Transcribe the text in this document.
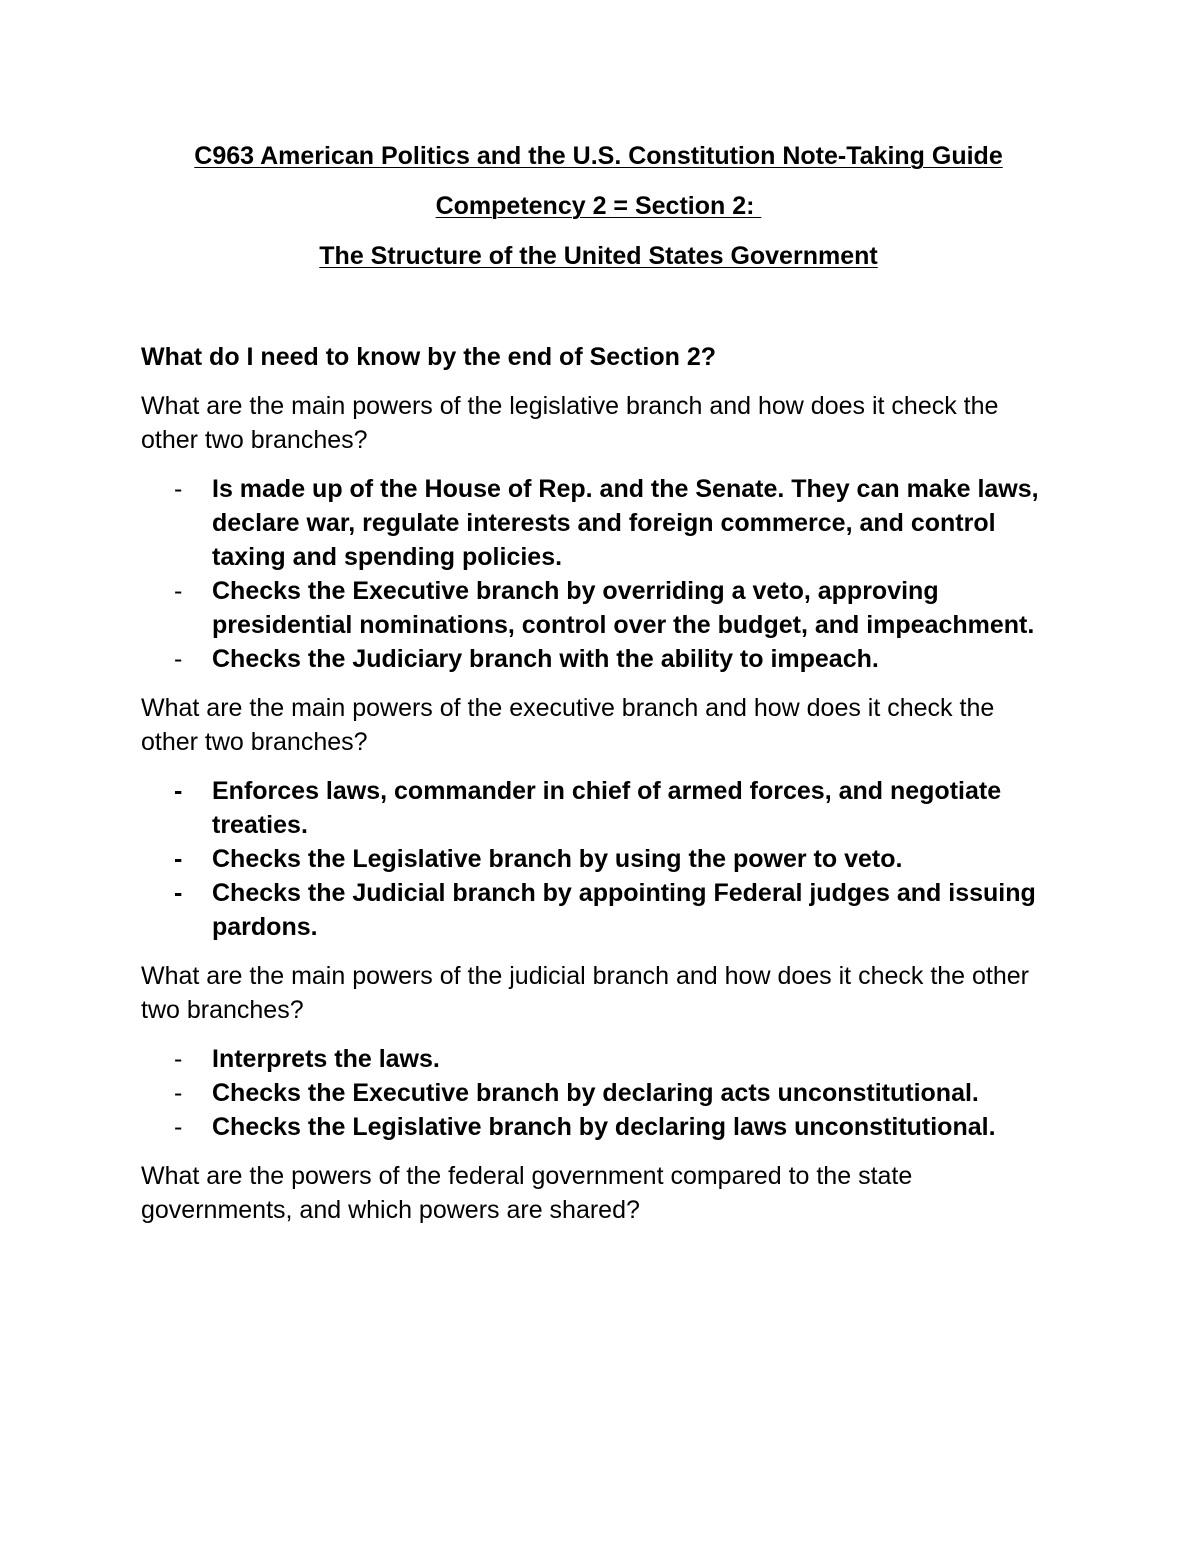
C963 American Politics and the U.S. Constitution Note-Taking Guide
Competency 2 = Section 2:
The Structure of the United States Government
What do I need to know by the end of Section 2?
What are the main powers of the legislative branch and how does it check the other two branches?
- Is made up of the House of Rep. and the Senate. They can make laws, declare war, regulate interests and foreign commerce, and control taxing and spending policies.
- Checks the Executive branch by overriding a veto, approving presidential nominations, control over the budget, and impeachment.
- Checks the Judiciary branch with the ability to impeach.
What are the main powers of the executive branch and how does it check the other two branches?
- Enforces laws, commander in chief of armed forces, and negotiate treaties.
- Checks the Legislative branch by using the power to veto.
- Checks the Judicial branch by appointing Federal judges and issuing pardons.
What are the main powers of the judicial branch and how does it check the other two branches?
- Interprets the laws.
- Checks the Executive branch by declaring acts unconstitutional.
- Checks the Legislative branch by declaring laws unconstitutional.
What are the powers of the federal government compared to the state governments, and which powers are shared?
